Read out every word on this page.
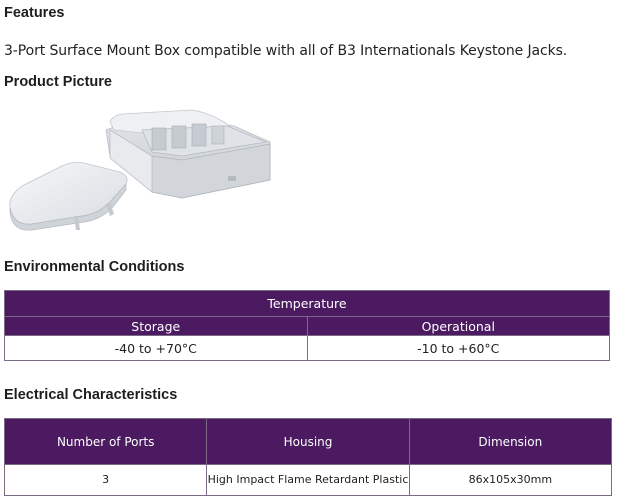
Features

3-Port Surface Mount Box compatible with all of B3 Internationals Keystone Jacks.

Product Picture
Environmental Conditions
Temperature	
Storage	Operational
-40 to +70°C	-10 to +60°C
Electrical Characteristics
Number of Ports	Housing	Dimension
3	High Impact Flame Retardant Plastic	86x105x30mm
